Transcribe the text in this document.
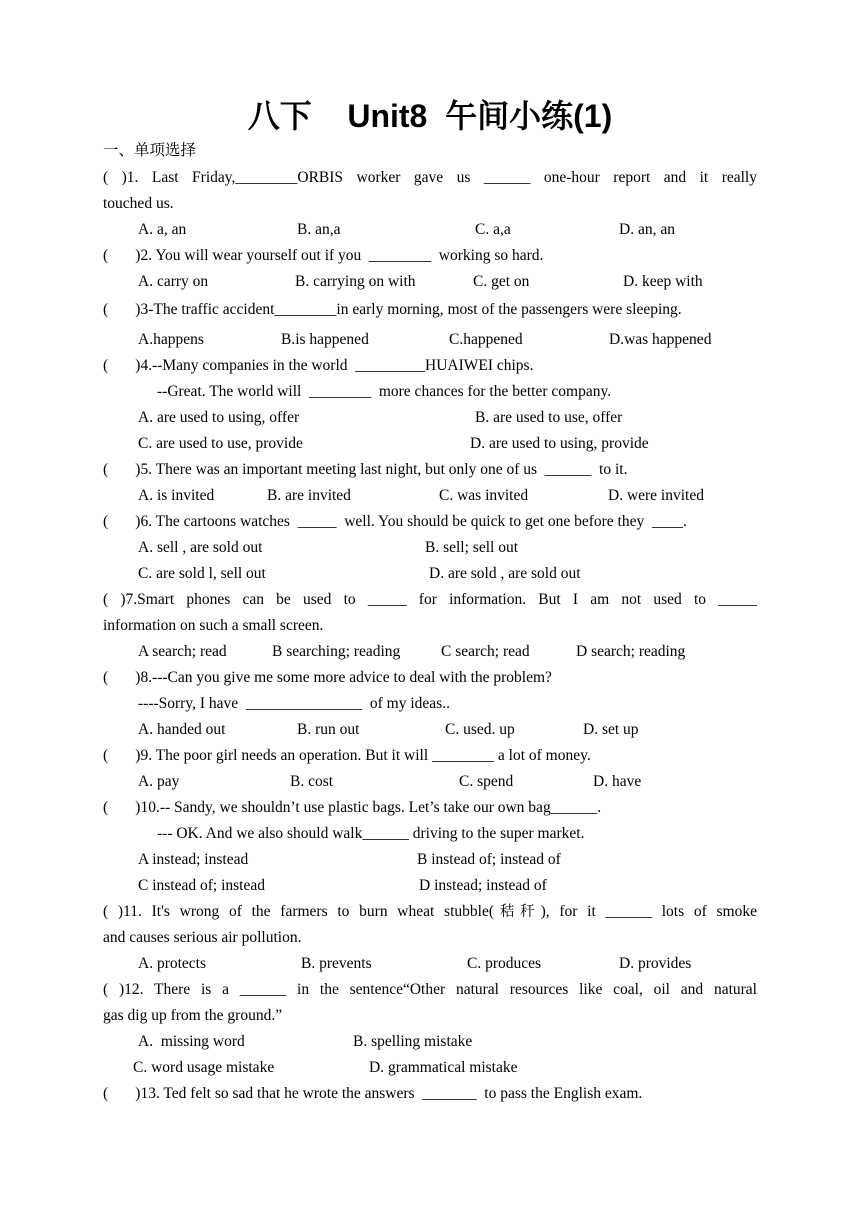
八下    Unit8  午间小练(1)
一、单项选择
( )1. Last Friday,________ORBIS worker gave us ______ one-hour report and it really
touched us.
A. a, an	B. an,a	C. a,a	D. an, an
(       )2. You will wear yourself out if you  ________  working so hard.
A. carry on	B. carrying on with	C. get on	D. keep with
(       )3-The traffic accident________in early morning, most of the passengers were sleeping.
A.happens	B.is happened	C.happened	D.was happened
(       )4.--Many companies in the world  _________HUAIWEI chips.
--Great. The world will  ________  more chances for the better company.
A. are used to using, offer	B. are used to use, offer
C. are used to use, provide	D. are used to using, provide
(       )5. There was an important meeting last night, but only one of us  ______  to it.
A. is invited	B. are invited	C. was invited	D. were invited
(       )6. The cartoons watches  _____  well. You should be quick to get one before they  ____.
A. sell , are sold out	B. sell; sell out
C. are sold l, sell out	D. are sold , are sold out
( )7.Smart phones can be used to _____ for information. But I am not used to _____
information on such a small screen.
A search; read	B searching; reading	C search; read	D search; reading
(       )8.---Can you give me some more advice to deal with the problem?
----Sorry, I have  _______________  of my ideas..
A. handed out	B. run out	C. used. up	D. set up
(       )9. The poor girl needs an operation. But it will ________ a lot of money.
A. pay	B. cost	C. spend	D. have
(       )10.-- Sandy, we shouldn’t use plastic bags. Let’s take our own bag______.
--- OK. And we also should walk______ driving to the super market.
A instead; instead	B instead of; instead of
C instead of; instead	D instead; instead of
( )11. It's wrong of the farmers to burn wheat stubble(秸秆), for it ______ lots of smoke
and causes serious air pollution.
A. protects	B. prevents	C. produces	D. provides
( )12. There is a ______ in the sentence“Other natural resources like coal, oil and natural
gas dig up from the ground.”
A.  missing word	B. spelling mistake
C. word usage mistake	D. grammatical mistake
(       )13. Ted felt so sad that he wrote the answers  _______  to pass the English exam.
